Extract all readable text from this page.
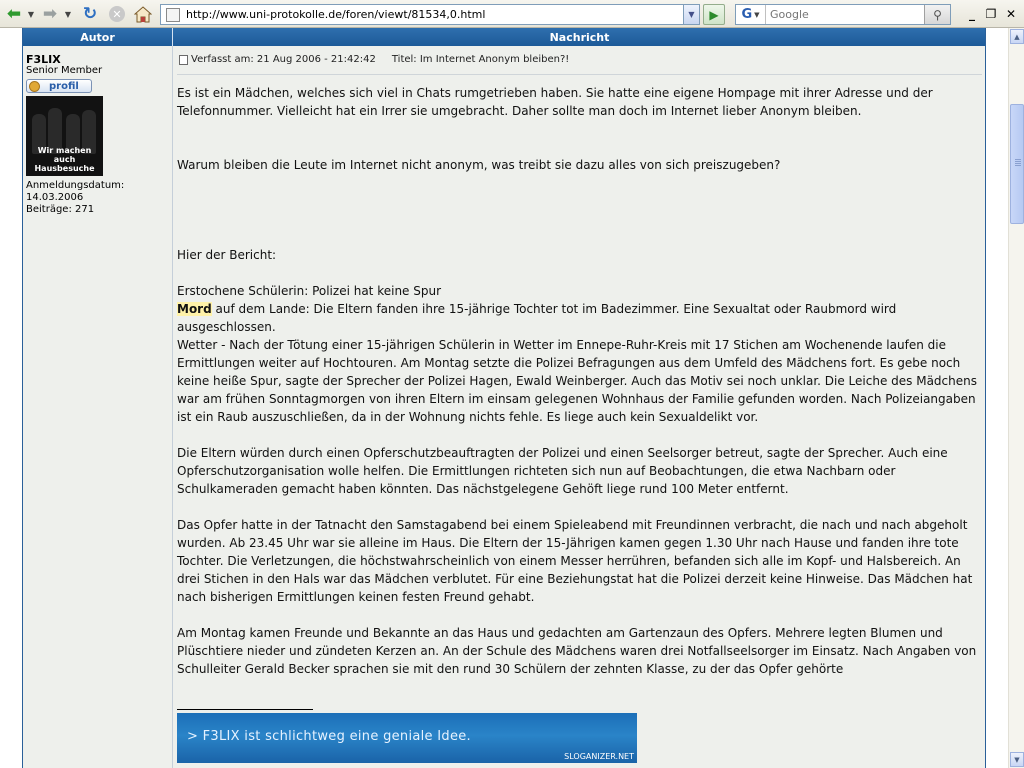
⬅ ▼ ➡ ▼ ↻	✕	http://www.uni-protokolle.de/foren/viewt/81534,0.html	▼	▶	G ▼
Google	⚲	_ ❐ ✕
Autor	Nachricht
F3LIX
Senior Member
profil
Wir machen auch
Hausbesuche
Anmeldungsdatum:
14.03.2006
Beiträge: 271
Verfasst am: 21 Aug 2006 - 21:42:42 Titel: Im Internet Anonym bleiben?!

Es ist ein Mädchen, welches sich viel in Chats rumgetrieben haben. Sie hatte eine eigene Hompage mit ihrer Adresse und der Telefonnummer. Vielleicht hat ein Irrer sie umgebracht. Daher sollte man doch im Internet lieber Anonym bleiben.

Warum bleiben die Leute im Internet nicht anonym, was treibt sie dazu alles von sich preiszugeben?

Hier der Bericht:

Erstochene Schülerin: Polizei hat keine Spur

Mord auf dem Lande: Die Eltern fanden ihre 15-jährige Tochter tot im Badezimmer. Eine Sexualtat oder Raubmord wird ausgeschlossen.

Wetter - Nach der Tötung einer 15-jährigen Schülerin in Wetter im Ennepe-Ruhr-Kreis mit 17 Stichen am Wochenende laufen die Ermittlungen weiter auf Hochtouren. Am Montag setzte die Polizei Befragungen aus dem Umfeld des Mädchens fort. Es gebe noch keine heiße Spur, sagte der Sprecher der Polizei Hagen, Ewald Weinberger. Auch das Motiv sei noch unklar. Die Leiche des Mädchens war am frühen Sonntagmorgen von ihren Eltern im einsam gelegenen Wohnhaus der Familie gefunden worden. Nach Polizeiangaben ist ein Raub auszuschließen, da in der Wohnung nichts fehle. Es liege auch kein Sexualdelikt vor.

Die Eltern würden durch einen Opferschutzbeauftragten der Polizei und einen Seelsorger betreut, sagte der Sprecher. Auch eine Opferschutzorganisation wolle helfen. Die Ermittlungen richteten sich nun auf Beobachtungen, die etwa Nachbarn oder Schulkameraden gemacht haben könnten. Das nächstgelegene Gehöft liege rund 100 Meter entfernt.

Das Opfer hatte in der Tatnacht den Samstagabend bei einem Spieleabend mit Freundinnen verbracht, die nach und nach abgeholt wurden. Ab 23.45 Uhr war sie alleine im Haus. Die Eltern der 15-Jährigen kamen gegen 1.30 Uhr nach Hause und fanden ihre tote Tochter. Die Verletzungen, die höchstwahrscheinlich von einem Messer herrühren, befanden sich alle im Kopf- und Halsbereich. An drei Stichen in den Hals war das Mädchen verblutet. Für eine Beziehungstat hat die Polizei derzeit keine Hinweise. Das Mädchen hat nach bisherigen Ermittlungen keinen festen Freund gehabt.

Am Montag kamen Freunde und Bekannte an das Haus und gedachten am Gartenzaun des Opfers. Mehrere legten Blumen und Plüschtiere nieder und zündeten Kerzen an. An der Schule des Mädchens waren drei Notfallseelsorger im Einsatz. Nach Angaben von Schulleiter Gerald Becker sprachen sie mit den rund 30 Schülern der zehnten Klasse, zu der das Opfer gehörte

> F3LIX ist schlichtweg eine geniale Idee.
SLOGANIZER.NET
▲
▼
